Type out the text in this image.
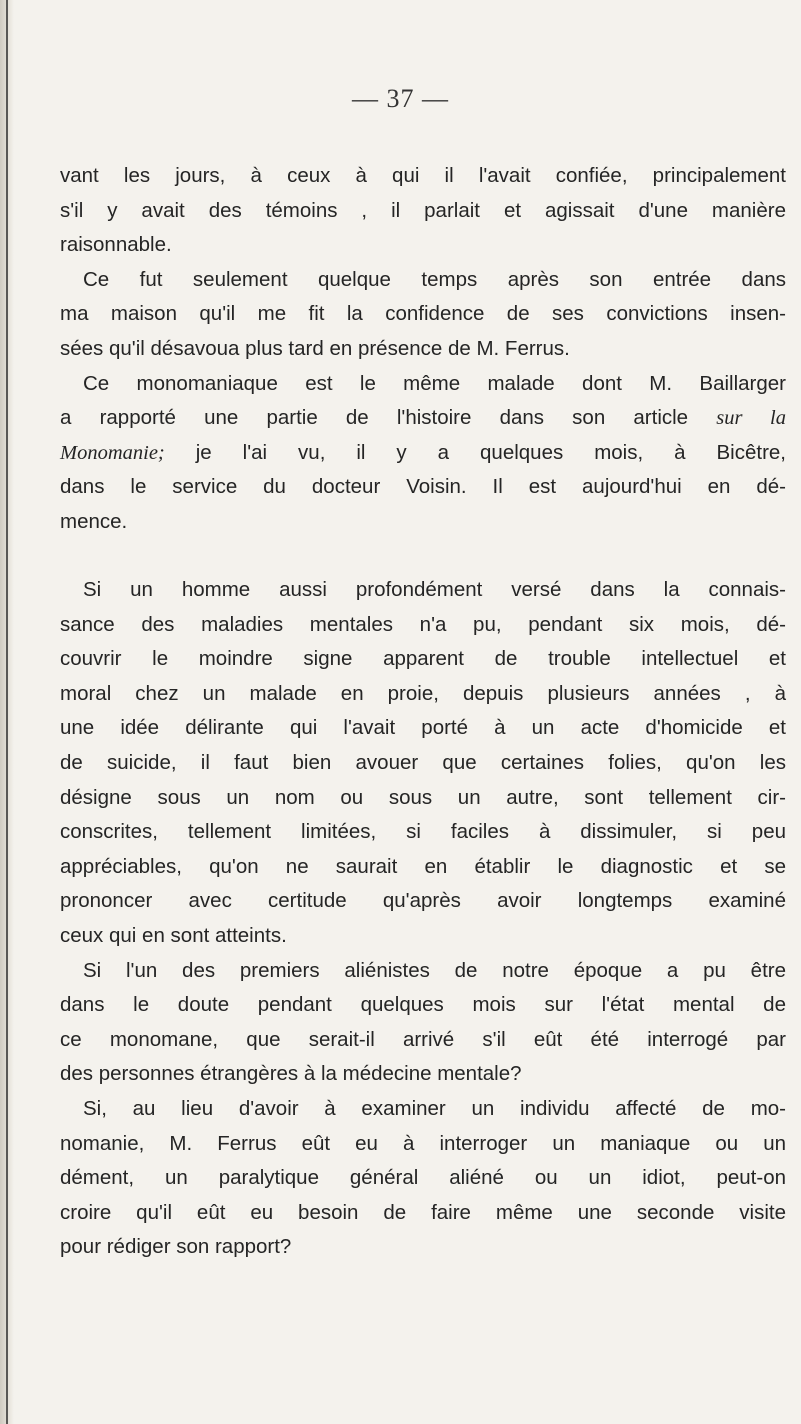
— 37 —
vant les jours, à ceux à qui il l'avait confiée, principalement
s'il y avait des témoins , il parlait et agissait d'une manière
raisonnable.
Ce fut seulement quelque temps après son entrée dans
ma maison qu'il me fit la confidence de ses convictions insen-
sées qu'il désavoua plus tard en présence de M. Ferrus.
Ce monomaniaque est le même malade dont M. Baillarger
a rapporté une partie de l'histoire dans son article sur la
Monomanie; je l'ai vu, il y a quelques mois, à Bicêtre,
dans le service du docteur Voisin. Il est aujourd'hui en dé-
mence.
Si un homme aussi profondément versé dans la connais-
sance des maladies mentales n'a pu, pendant six mois, dé-
couvrir le moindre signe apparent de trouble intellectuel et
moral chez un malade en proie, depuis plusieurs années , à
une idée délirante qui l'avait porté à un acte d'homicide et
de suicide, il faut bien avouer que certaines folies, qu'on les
désigne sous un nom ou sous un autre, sont tellement cir-
conscrites, tellement limitées, si faciles à dissimuler, si peu
appréciables, qu'on ne saurait en établir le diagnostic et se
prononcer avec certitude qu'après avoir longtemps examiné
ceux qui en sont atteints.
Si l'un des premiers aliénistes de notre époque a pu être
dans le doute pendant quelques mois sur l'état mental de
ce monomane, que serait-il arrivé s'il eût été interrogé par
des personnes étrangères à la médecine mentale?
Si, au lieu d'avoir à examiner un individu affecté de mo-
nomanie, M. Ferrus eût eu à interroger un maniaque ou un
dément, un paralytique général aliéné ou un idiot, peut-on
croire qu'il eût eu besoin de faire même une seconde visite
pour rédiger son rapport?
